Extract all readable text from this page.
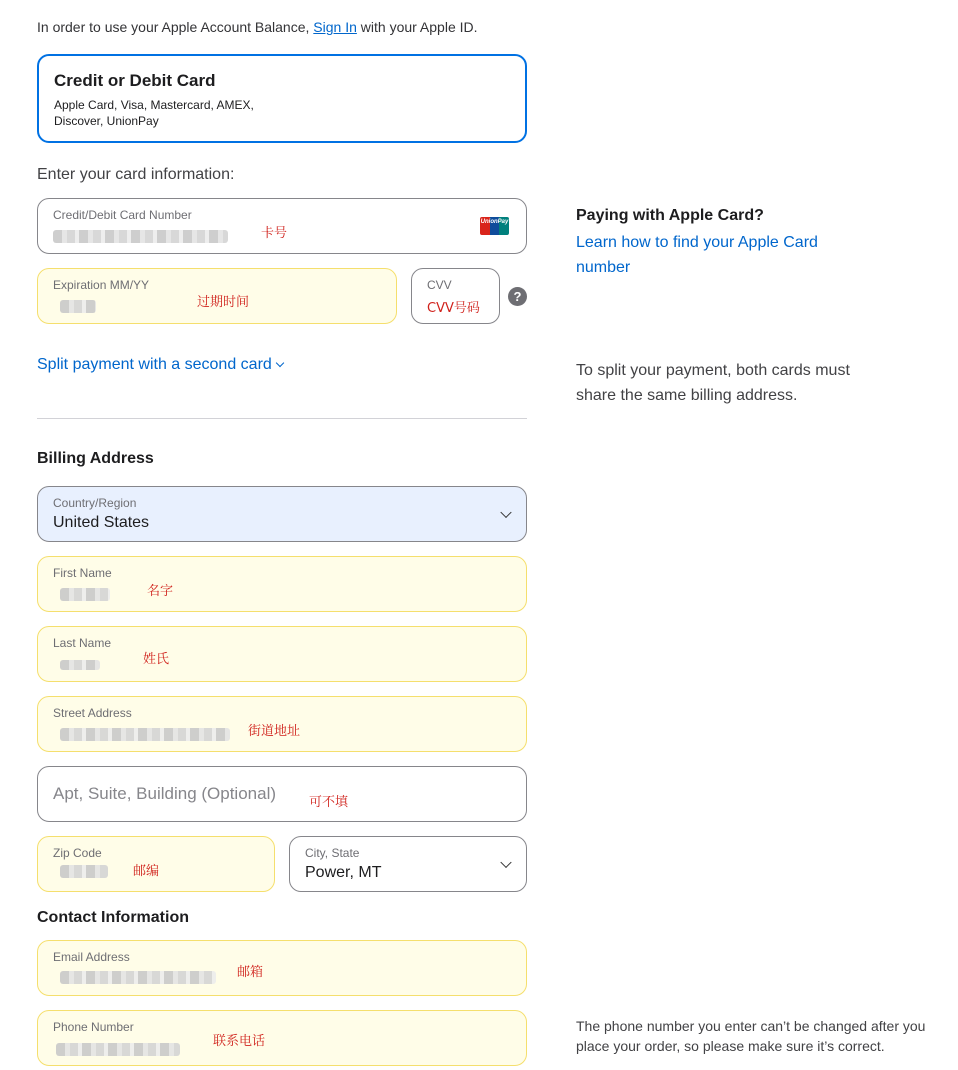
In order to use your Apple Account Balance, Sign In with your Apple ID.
Credit or Debit Card
Apple Card, Visa, Mastercard, AMEX, Discover, UnionPay
Enter your card information:
Credit/Debit Card Number
卡号
UnionPay
Expiration MM/YY
过期时间
CVV
CVV号码
?
Paying with Apple Card?
Learn how to find your Apple Card number
Split payment with a second card	To split your payment, both cards must share the same billing address.
Billing Address
Country/Region
United States
First Name
名字
Last Name
姓氏
Street Address
街道地址
Apt, Suite, Building (Optional)	可不填
Zip Code
邮编
City, State
Power, MT
Contact Information
Email Address
邮箱
Phone Number
联系电话
The phone number you enter can’t be changed after you place your order, so please make sure it’s correct.
